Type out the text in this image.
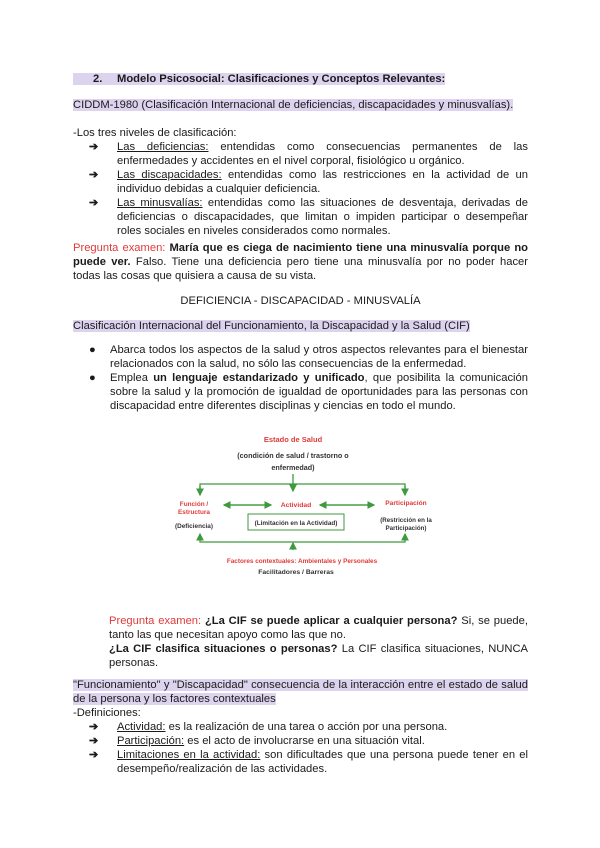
2. Modelo Psicosocial: Clasificaciones y Conceptos Relevantes:
CIDDM-1980 (Clasificación Internacional de deficiencias, discapacidades y minusvalías).
-Los tres niveles de clasificación:
➔ Las deficiencias: entendidas como consecuencias permanentes de las enfermedades y accidentes en el nivel corporal, fisiológico u orgánico.
➔ Las discapacidades: entendidas como las restricciones en la actividad de un individuo debidas a cualquier deficiencia.
➔ Las minusvalías: entendidas como las situaciones de desventaja, derivadas de deficiencias o discapacidades, que limitan o impiden participar o desempeñar roles sociales en niveles considerados como normales.
Pregunta examen: María que es ciega de nacimiento tiene una minusvalía porque no puede ver. Falso. Tiene una deficiencia pero tiene una minusvalía por no poder hacer todas las cosas que quisiera a causa de su vista.
DEFICIENCIA - DISCAPACIDAD - MINUSVALÍA
Clasificación Internacional del Funcionamiento, la Discapacidad y la Salud (CIF)
● Abarca todos los aspectos de la salud y otros aspectos relevantes para el bienestar relacionados con la salud, no sólo las consecuencias de la enfermedad.
● Emplea un lenguaje estandarizado y unificado, que posibilita la comunicación sobre la salud y la promoción de igualdad de oportunidades para las personas con discapacidad entre diferentes disciplinas y ciencias en todo el mundo.
Estado de Salud
(condición de salud / trastorno o
enfermedad)
Función /
Estructura
(Deficiencia)
Actividad
(Limitación en la Actividad)
Participación
(Restricción en la
Participación)
Factores contextuales: Ambientales y Personales
Facilitadores / Barreras
Pregunta examen: ¿La CIF se puede aplicar a cualquier persona? Si, se puede, tanto las que necesitan apoyo como las que no.
¿La CIF clasifica situaciones o personas? La CIF clasifica situaciones, NUNCA personas.
"Funcionamiento" y "Discapacidad" consecuencia de la interacción entre el estado de salud de la persona y los factores contextuales
-Definiciones:
➔ Actividad: es la realización de una tarea o acción por una persona.
➔ Participación: es el acto de involucrarse en una situación vital.
➔ Limitaciones en la actividad: son dificultades que una persona puede tener en el desempeño/realización de las actividades.
